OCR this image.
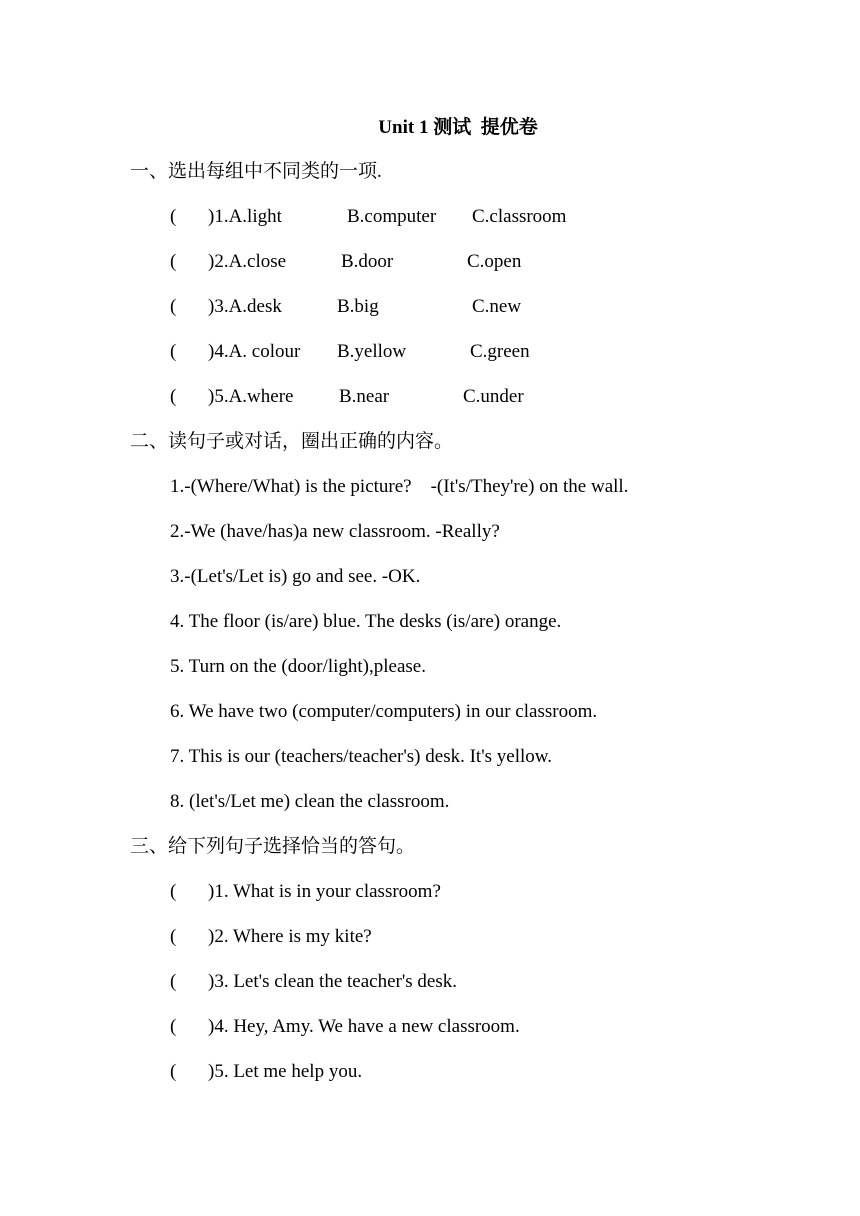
Unit 1 测试  提优卷
一、选出每组中不同类的一项.
( )1.A.light	B.computer C.classroom
( )2.A.close	B.door	C.open
( )3.A.desk	B.big	C.new
( )4.A. colour B.yellow	C.green
( )5.A.where B.near	C.under
二、读句子或对话，圈出正确的内容。
1.-(Where/What) is the picture?    -(It's/They're) on the wall.
2.-We (have/has)a new classroom. -Really?
3.-(Let's/Let is) go and see. -OK.
4. The floor (is/are) blue. The desks (is/are) orange.
5. Turn on the (door/light),please.
6. We have two (computer/computers) in our classroom.
7. This is our (teachers/teacher's) desk. It's yellow.
8. (let's/Let me) clean the classroom.
三、给下列句子选择恰当的答句。
( )1. What is in your classroom?
( )2. Where is my kite?
( )3. Let's clean the teacher's desk.
( )4. Hey, Amy. We have a new classroom.
( )5. Let me help you.
